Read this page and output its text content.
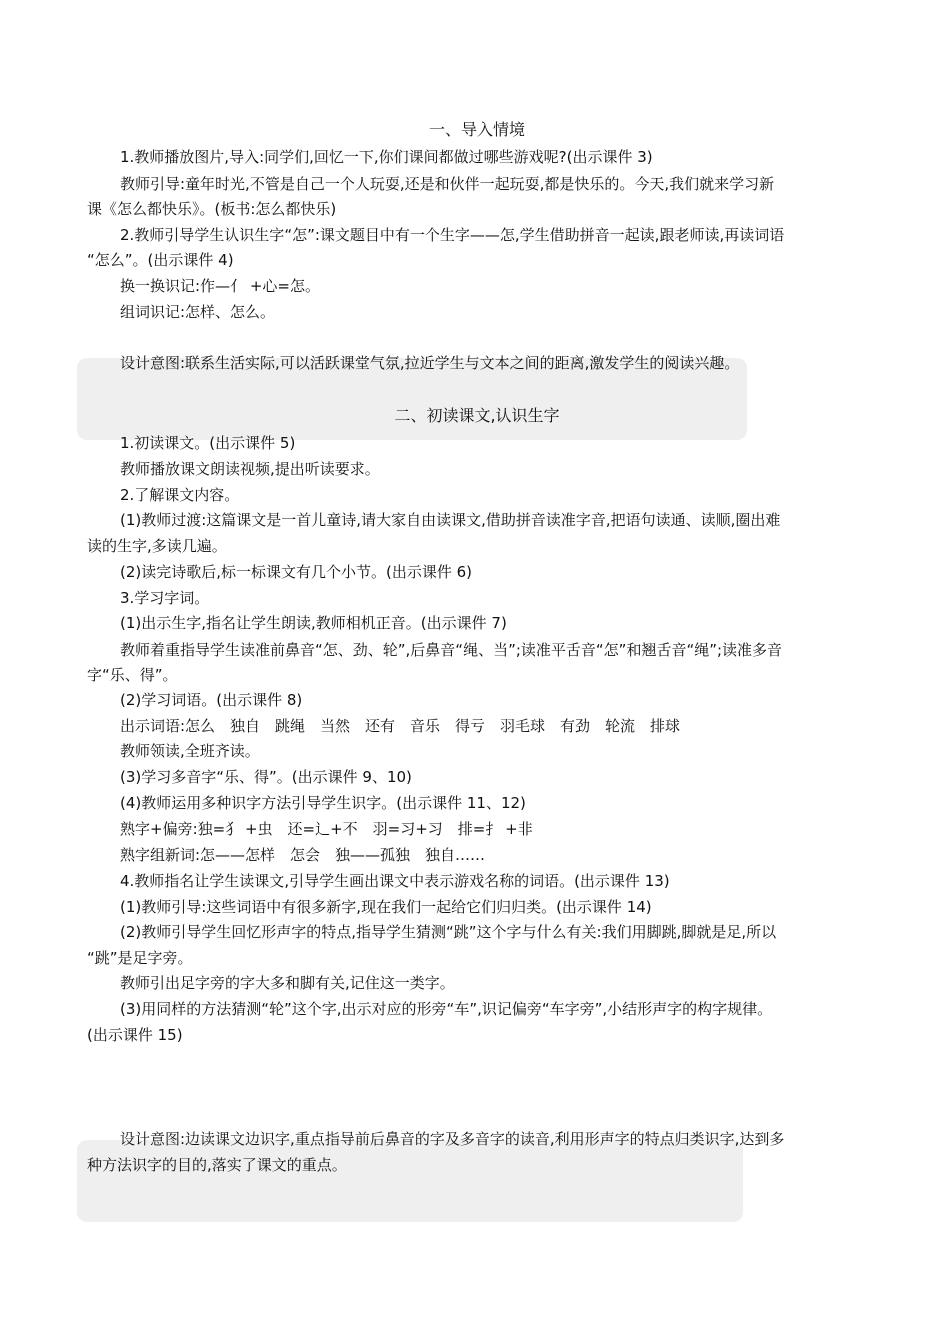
一、导入情境
1.教师播放图片,导入:同学们,回忆一下,你们课间都做过哪些游戏呢?(出示课件 3)
教师引导:童年时光,不管是自己一个人玩耍,还是和伙伴一起玩耍,都是快乐的。今天,我们就来学习新
课《怎么都快乐》。(板书:怎么都快乐)
2.教师引导学生认识生字“怎”:课文题目中有一个生字——怎,学生借助拼音一起读,跟老师读,再读词语
“怎么”。(出示课件 4)
换一换识记:作—亻 +心=怎。
组词识记:怎样、怎么。
设计意图:联系生活实际,可以活跃课堂气氛,拉近学生与文本之间的距离,激发学生的阅读兴趣。
二、初读课文,认识生字
1.初读课文。(出示课件 5)
教师播放课文朗读视频,提出听读要求。
2.了解课文内容。
(1)教师过渡:这篇课文是一首儿童诗,请大家自由读课文,借助拼音读准字音,把语句读通、读顺,圈出难
读的生字,多读几遍。
(2)读完诗歌后,标一标课文有几个小节。(出示课件 6)
3.学习字词。
(1)出示生字,指名让学生朗读,教师相机正音。(出示课件 7)
教师着重指导学生读准前鼻音“怎、劲、轮”,后鼻音“绳、当”;读准平舌音“怎”和翘舌音“绳”;读准多音
字“乐、得”。
(2)学习词语。(出示课件 8)
出示词语:怎么　独自　跳绳　当然　还有　音乐　得亏　羽毛球　有劲　轮流　排球
教师领读,全班齐读。
(3)学习多音字“乐、得”。(出示课件 9、10)
(4)教师运用多种识字方法引导学生识字。(出示课件 11、12)
熟字+偏旁:独=犭 +虫　还=辶+不　羽=习+习　排=扌 +非
熟字组新词:怎——怎样　怎会　独——孤独　独自……
4.教师指名让学生读课文,引导学生画出课文中表示游戏名称的词语。(出示课件 13)
(1)教师引导:这些词语中有很多新字,现在我们一起给它们归归类。(出示课件 14)
(2)教师引导学生回忆形声字的特点,指导学生猜测“跳”这个字与什么有关:我们用脚跳,脚就是足,所以
“跳”是足字旁。
教师引出足字旁的字大多和脚有关,记住这一类字。
(3)用同样的方法猜测“轮”这个字,出示对应的形旁“车”,识记偏旁“车字旁”,小结形声字的构字规律。
(出示课件 15)
设计意图:边读课文边识字,重点指导前后鼻音的字及多音字的读音,利用形声字的特点归类识字,达到多
种方法识字的目的,落实了课文的重点。
